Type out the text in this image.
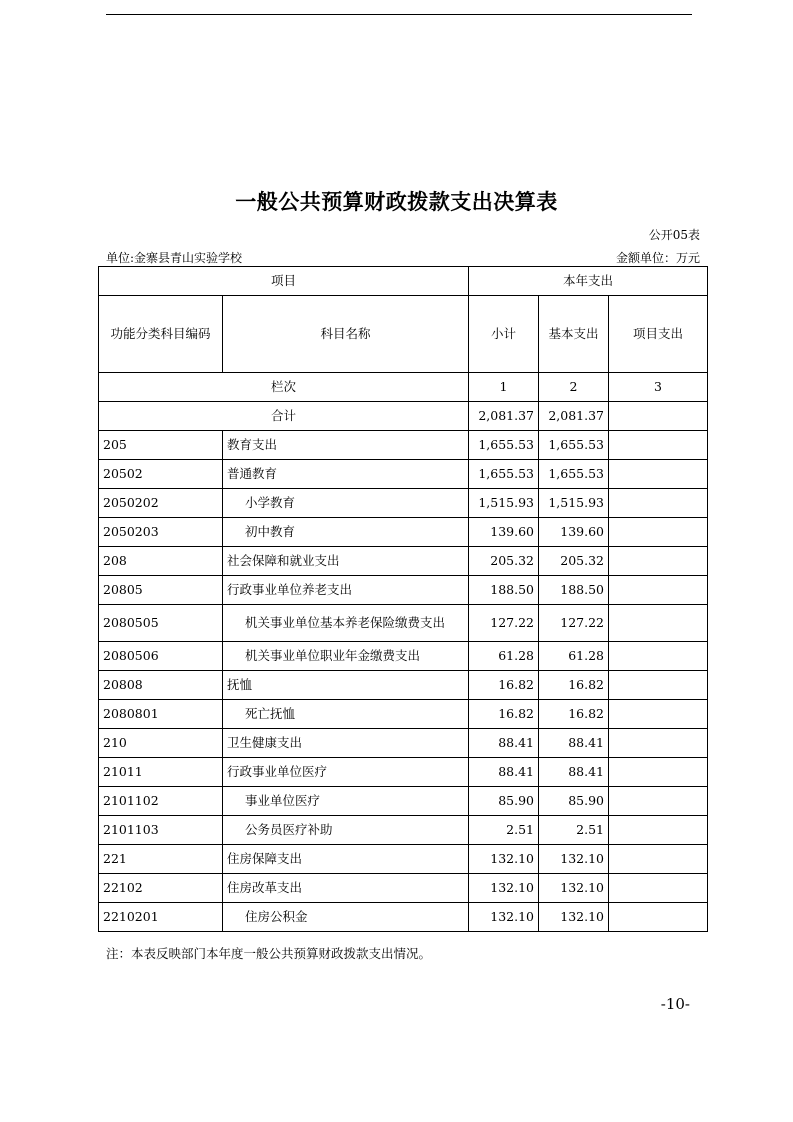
一般公共预算财政拨款支出决算表
公开05表
单位:金寨县青山实验学校	金额单位：万元
项目		本年支出		
功能分类科目编码	科目名称	小计	基本支出	项目支出
栏次		1	2	3
合计		2,081.37	2,081.37	
205	教育支出	1,655.53	1,655.53	
20502	普通教育	1,655.53	1,655.53	
2050202	小学教育	1,515.93	1,515.93	
2050203	初中教育	139.60	139.60	
208	社会保障和就业支出	205.32	205.32	
20805	行政事业单位养老支出	188.50	188.50	
2080505	机关事业单位基本养老保险缴费支出	127.22	127.22	
2080506	机关事业单位职业年金缴费支出	61.28	61.28	
20808	抚恤	16.82	16.82	
2080801	死亡抚恤	16.82	16.82	
210	卫生健康支出	88.41	88.41	
21011	行政事业单位医疗	88.41	88.41	
2101102	事业单位医疗	85.90	85.90	
2101103	公务员医疗补助	2.51	2.51	
221	住房保障支出	132.10	132.10	
22102	住房改革支出	132.10	132.10	
2210201	住房公积金	132.10	132.10	
注：本表反映部门本年度一般公共预算财政拨款支出情况。
-10-
